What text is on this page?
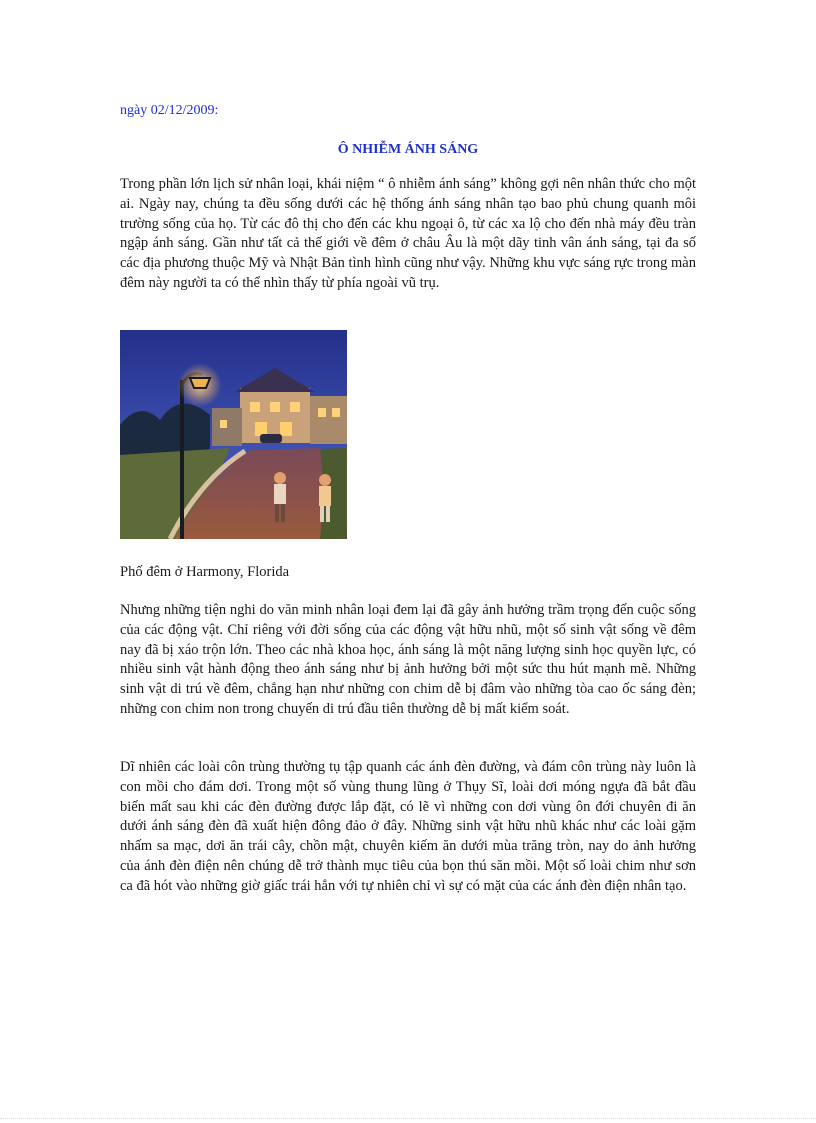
ngày 02/12/2009:
Ô NHIỄM ÁNH SÁNG
Trong phần lớn lịch sử nhân loại, khái niệm “ ô nhiễm ánh sáng” không gợi nên nhân thức cho một ai. Ngày nay, chúng ta đều sống dưới các hệ thống ánh sáng nhân tạo bao phủ chung quanh môi trường sống của họ. Từ các đô thị cho đến các khu ngoại ô, từ các xa lộ cho đến nhà máy đều tràn ngập ánh sáng. Gần như tất cả thế giới về đêm ở châu Âu là một dãy tinh vân ánh sáng, tại đa số các địa phương thuộc Mỹ và Nhật Bản tình hình cũng như vậy. Những khu vực sáng rực trong màn đêm này người ta có thể nhìn thấy từ phía ngoài vũ trụ.
Phố đêm ở Harmony, Florida
Nhưng những tiện nghi do văn minh nhân loại đem lại đã gây ảnh hưởng trầm trọng đến cuộc sống của các động vật. Chỉ riêng với đời sống của các động vật hữu nhũ, một số sinh vật sống về đêm nay đã bị xáo trộn lớn. Theo các nhà khoa học, ánh sáng là một năng lượng sinh học quyền lực, có nhiều sinh vật hành động theo ánh sáng như bị ảnh hưởng bởi một sức thu hút mạnh mẽ. Những sinh vật di trú về đêm, chẳng hạn như những con chim dễ bị đâm vào những tòa cao ốc sáng đèn; những con chim non trong chuyến di trú đầu tiên thường dễ bị mất kiểm soát.
Dĩ nhiên các loài côn trùng thường tụ tập quanh các ánh đèn đường, và đám côn trùng này luôn là con mồi cho đám dơi. Trong một số vùng thung lũng ở Thụy Sĩ, loài dơi móng ngựa đã bắt đầu biến mất sau khi các đèn đường được lắp đặt, có lẽ vì những con dơi vùng ôn đới chuyên đi ăn dưới ánh sáng đèn đã xuất hiện đông đảo ở đây. Những sinh vật hữu nhũ khác như các loài gặm nhấm sa mạc, dơi ăn trái cây, chồn mật, chuyên kiếm ăn dưới mùa trăng tròn, nay do ảnh hưởng của ánh đèn điện nên chúng dễ trở thành mục tiêu của bọn thú săn mồi. Một số loài chim như sơn ca đã hót vào những giờ giấc trái hẳn với tự nhiên chỉ vì sự có mặt của các ánh đèn điện nhân tạo.
